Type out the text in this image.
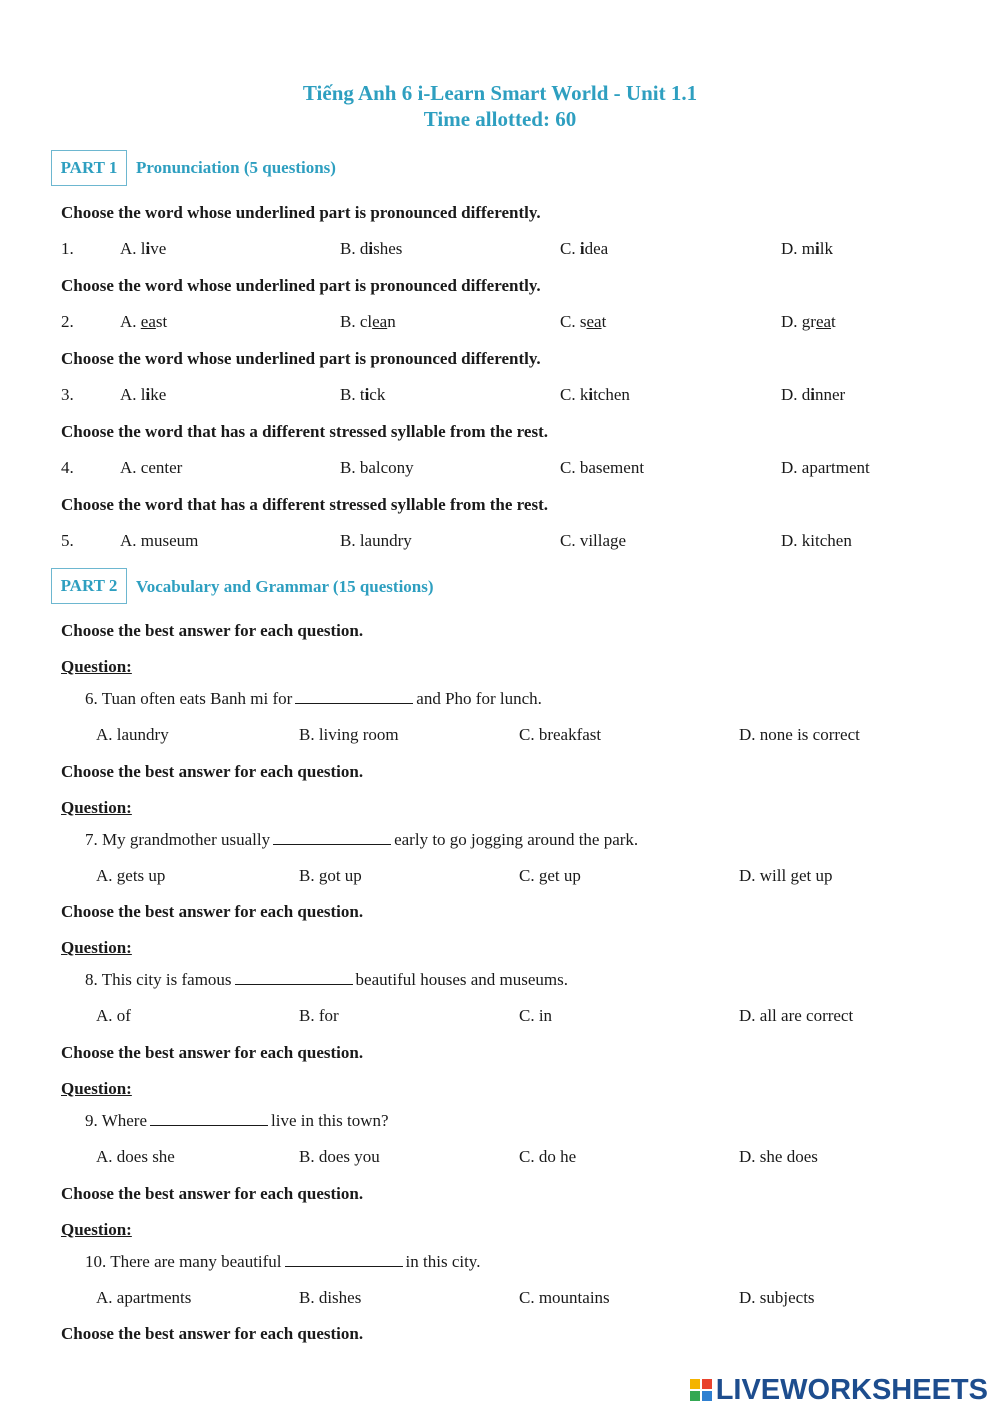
Tiếng Anh 6 i-Learn Smart World - Unit 1.1
Time allotted: 60
PART 1	Pronunciation (5 questions)
Choose the word whose underlined part is pronounced differently.
1.	A. live	B. dishes	C. idea	D. milk
Choose the word whose underlined part is pronounced differently.
2.	A. east	B. clean	C. seat	D. great
Choose the word whose underlined part is pronounced differently.
3.	A. like	B. tick	C. kitchen	D. dinner
Choose the word that has a different stressed syllable from the rest.
4.	A. center	B. balcony	C. basement	D. apartment
Choose the word that has a different stressed syllable from the rest.
5.	A. museum	B. laundry	C. village	D. kitchen
PART 2	Vocabulary and Grammar (15 questions)
Choose the best answer for each question.
Question:
6. Tuan often eats Banh mi for	and Pho for lunch.
A. laundry	B. living room	C. breakfast	D. none is correct
Choose the best answer for each question.
Question:
7. My grandmother usually	early to go jogging around the park.
A. gets up	B. got up	C. get up	D. will get up
Choose the best answer for each question.
Question:
8. This city is famous	beautiful houses and museums.
A. of	B. for	C. in	D. all are correct
Choose the best answer for each question.
Question:
9. Where	live in this town?
A. does she	B. does you	C. do he	D. she does
Choose the best answer for each question.
Question:
10. There are many beautiful	in this city.
A. apartments	B. dishes	C. mountains	D. subjects
Choose the best answer for each question.
LIVEWORKSHEETS
